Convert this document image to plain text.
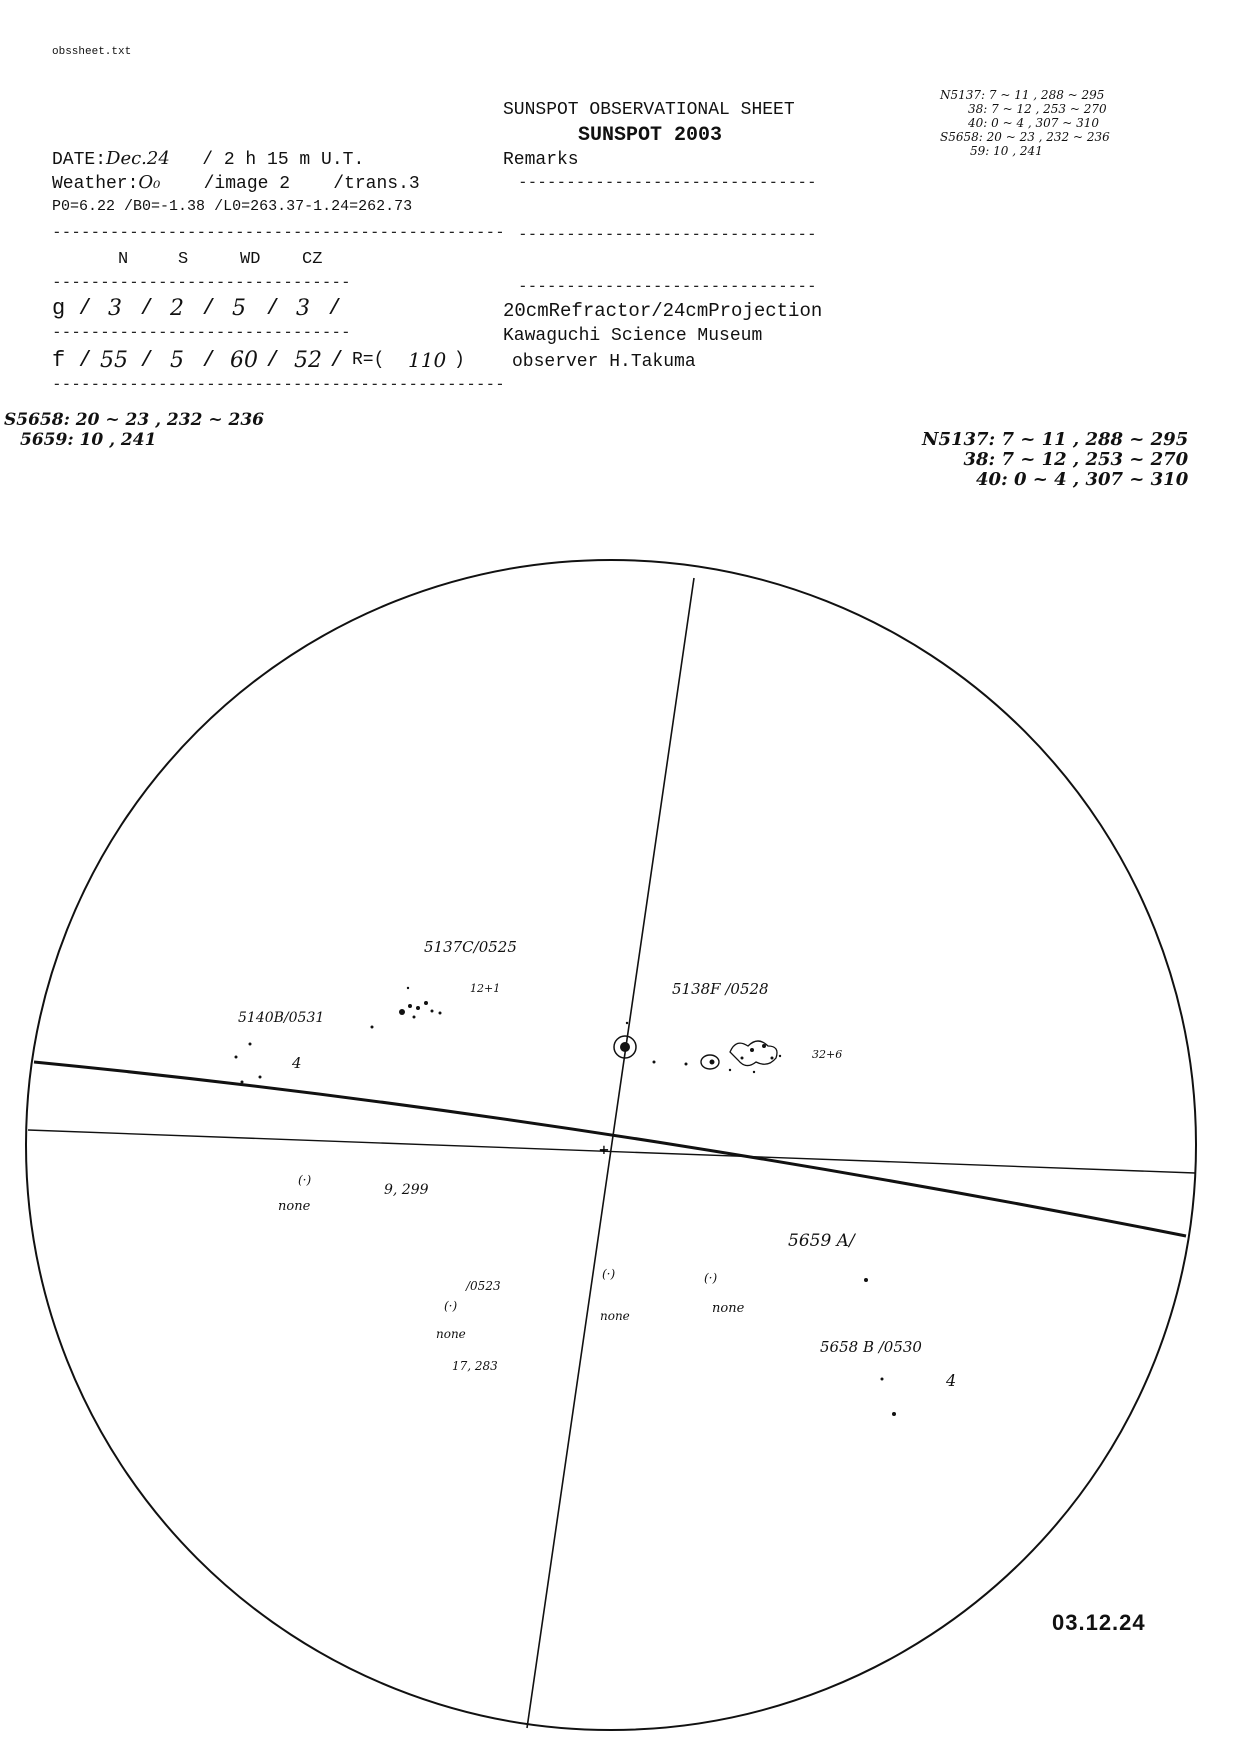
obssheet.txt
SUNSPOT OBSERVATIONAL SHEET
SUNSPOT 2003
DATE:Dec.24 / 2 h 15 m U.T.
Weather:O₀ /image 2 /trans.3
P0=6.22 /B0=-1.38 /L0=263.37-1.24=262.73
Remarks
-------------------------------
-------------------------------
-------------------------------
20cmRefractor/24cmProjection
Kawaguchi Science Museum
observer H.Takuma
-----------------------------------------------
N	S	WD CZ
-------------------------------
g / 3 / 2 / 5 / 3 /
-------------------------------
f / 55 / 5 / 60 / 52 / R=( 110 )
-----------------------------------------------
N5137: 7 ~ 11 , 288 ~ 295
38: 7 ~ 12 , 253 ~ 270
40: 0 ~ 4 , 307 ~ 310
S5658: 20 ~ 23 , 232 ~ 236
59: 10 , 241
S5658: 20 ~ 23 , 232 ~ 236
5659: 10 , 241	N5137: 7 ~ 11 , 288 ~ 295
38: 7 ~ 12 , 253 ~ 270
40: 0 ~ 4 , 307 ~ 310
+
5137C/0525
12+1	5138F /0528
32+6
5140B/0531
4
(·)
none
9, 299
/0523
(·)
none
17, 283
(·)
none
(·)
none
5659 A/
5658 B /0530
4
03.12.24
